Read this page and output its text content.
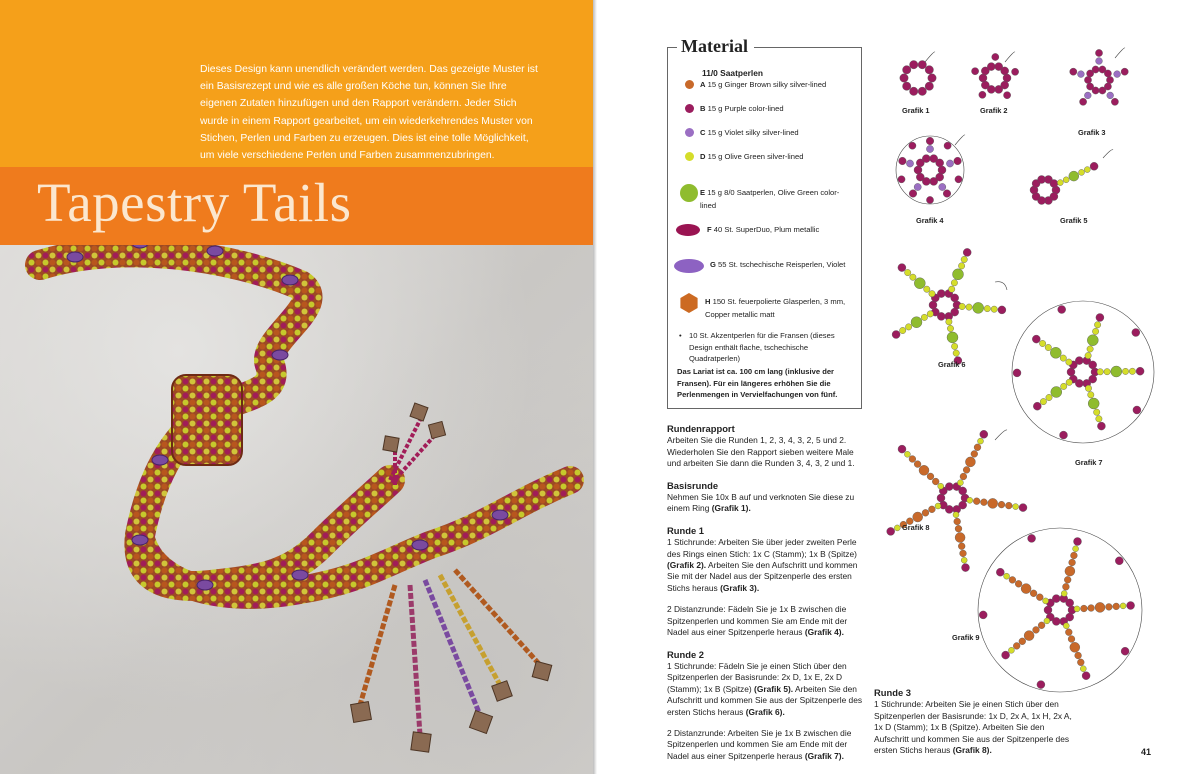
Dieses Design kann unendlich verändert werden. Das gezeigte Muster ist ein Basisrezept und wie es alle großen Köche tun, können Sie Ihre eigenen Zutaten hinzufügen und den Rapport verändern. Jeder Stich wurde in einem Rapport gearbeitet, um ein wiederkehrendes Muster von Stichen, Perlen und Farben zu erzeugen. Dies ist eine tolle Möglichkeit, um viele verschiedene Perlen und Farben zusammenzubringen.

Tapestry Tails
Material
11/0 Saatperlen
A 15 g Ginger Brown silky silver-lined
B 15 g Purple color-lined
C 15 g Violet silky silver-lined
D 15 g Olive Green silver-lined
E 15 g 8/0 Saatperlen, Olive Green color-lined
F 40 St. SuperDuo, Plum metallic
G 55 St. tschechische Reisperlen, Violet
H 150 St. feuerpolierte Glasperlen, 3 mm, Copper metallic matt
• 10 St. Akzentperlen für die Fransen (dieses Design enthält flache, tschechische Quadratperlen)
Das Lariat ist ca. 100 cm lang (inklusive der Fransen). Für ein längeres erhöhen Sie die Perlenmengen in Vervielfachungen von fünf.
Rundenrapport

Arbeiten Sie die Runden 1, 2, 3, 4, 3, 2, 5 und 2. Wiederholen Sie den Rapport sieben weitere Male und arbeiten Sie dann die Runden 3, 4, 3, 2 und 1.

Basisrunde

Nehmen Sie 10x B auf und verknoten Sie diese zu einem Ring (Grafik 1).

Runde 1

1 Stichrunde: Arbeiten Sie über jeder zweiten Perle des Rings einen Stich: 1x C (Stamm); 1x B (Spitze) (Grafik 2). Arbeiten Sie den Aufschritt und kommen Sie mit der Nadel aus der Spitzenperle des ersten Stichs heraus (Grafik 3).

2 Distanzrunde: Fädeln Sie je 1x B zwischen die Spitzenperlen und kommen Sie am Ende mit der Nadel aus einer Spitzenperle heraus (Grafik 4).

Runde 2

1 Stichrunde: Fädeln Sie je einen Stich über den Spitzenperlen der Basisrunde: 2x D, 1x E, 2x D (Stamm); 1x B (Spitze) (Grafik 5). Arbeiten Sie den Aufschritt und kommen Sie aus der Spitzenperle des ersten Stichs heraus (Grafik 6).

2 Distanzrunde: Arbeiten Sie je 1x B zwischen die Spitzenperlen und kommen Sie am Ende mit der Nadel aus einer Spitzenperle heraus (Grafik 7).

Runde 3

1 Stichrunde: Arbeiten Sie je einen Stich über den Spitzenperlen der Basisrunde: 1x D, 2x A, 1x H, 2x A, 1x D (Stamm); 1x B (Spitze). Arbeiten Sie den Aufschritt und kommen Sie aus der Spitzenperle des ersten Stichs heraus (Grafik 8).

Grafik 1	Grafik 2
Grafik 3
Grafik 4	Grafik 5
Grafik 6
Grafik 7
Grafik 8
Grafik 9
41
